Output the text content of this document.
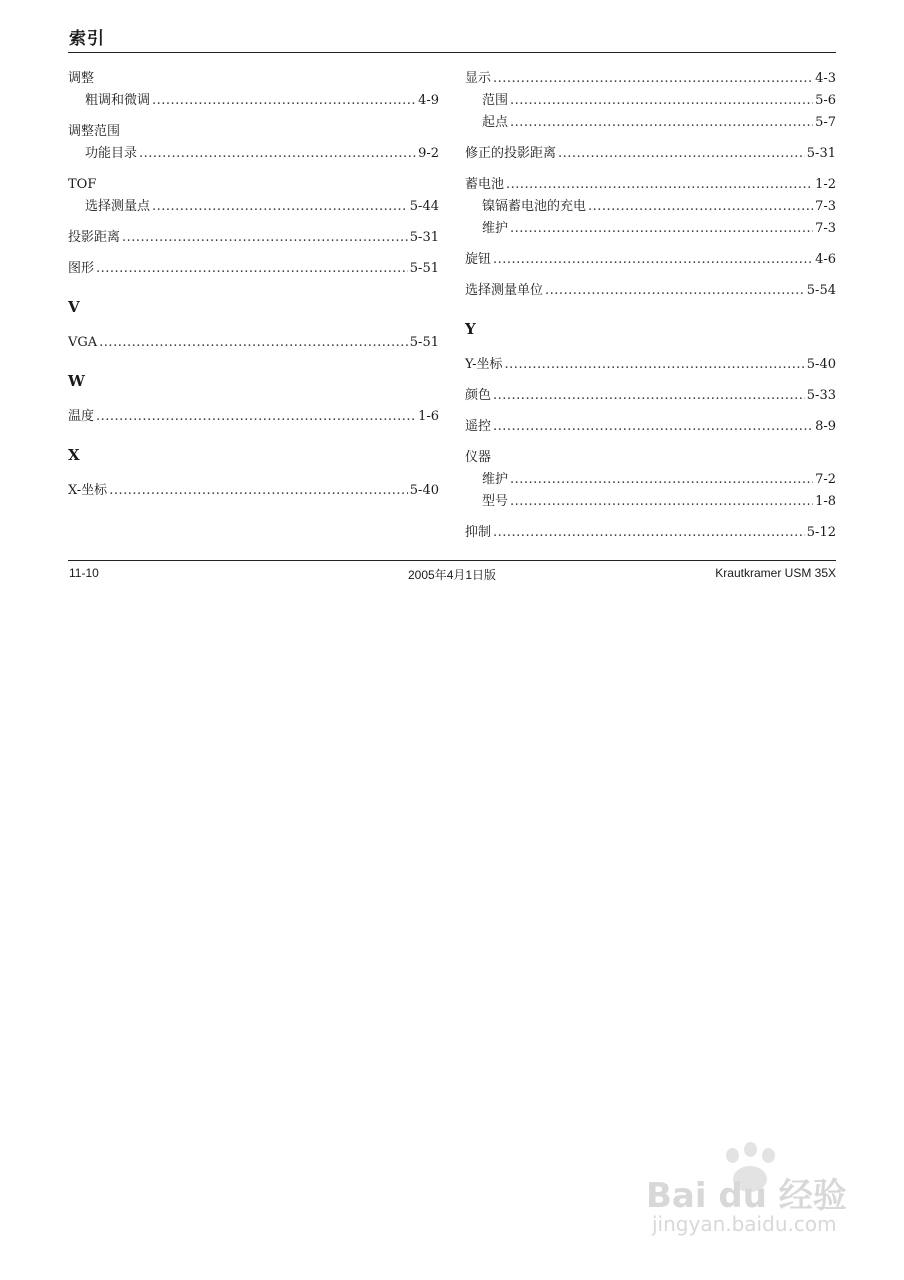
索引
调整
粗调和微调 .....	4-9
调整范围
功能目录 .....	9-2
TOF
选择测量点 .....	5-44
投影距离 .....	5-31
图形 .....	5-51
V
VGA .....	5-51
W
温度 .....	1-6
X
X-坐标 .....	5-40
显示 .....	4-3
范围 .....	5-6
起点 .....	5-7
修正的投影距离 .....	5-31
蓄电池 .....	1-2
镍镉蓄电池的充电 .....	7-3
维护 .....	7-3
旋钮 .....	4-6
选择测量单位 .....	5-54
Y
Y-坐标 .....	5-40
颜色 .....	5-33
遥控 .....	8-9
仪器
维护 .....	7-2
型号 .....	1-8
抑制 .....	5-12
11-10	2005年4月1日版	Krautkramer USM 35X
Bai du 经验
jingyan.baidu.com
